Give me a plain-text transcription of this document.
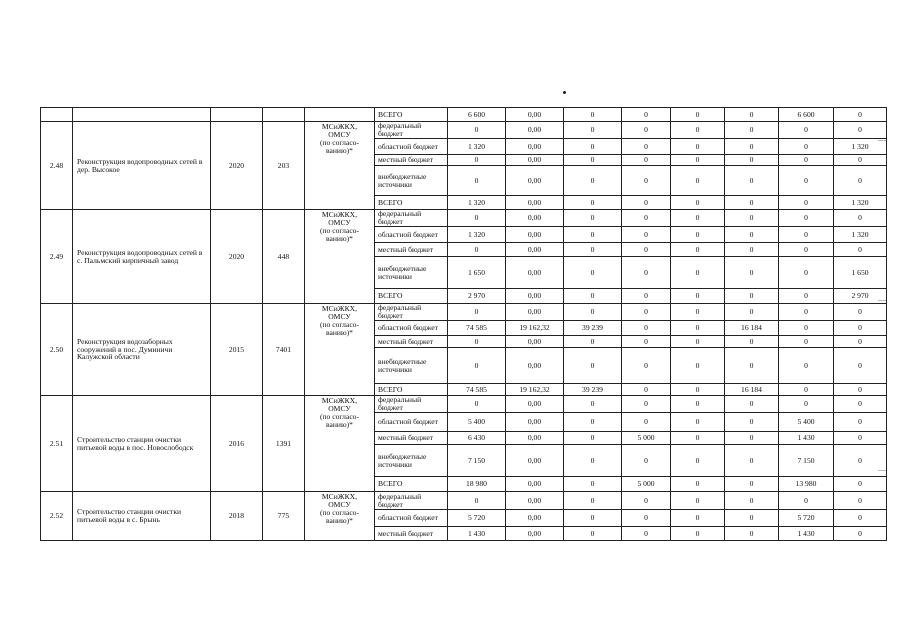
					ВСЕГО	6 600	0,00	0	0	0	0	6 600	0
2.48	Реконструкция водопроводных сетей в дер. Высокое	2020	203	МСиЖКХ,
ОМСУ
(по согласо-
ванию)*	федеральный бюджет	0	0,00	0	0	0	0	0	0
					областной бюджет	1 320	0,00	0	0	0	0	0	1 320
					местный бюджет	0	0,00	0	0	0	0	0	0
					внебюджетные источники	0	0,00	0	0	0	0	0	0
					ВСЕГО	1 320	0,00	0	0	0	0	0	1 320
2.49	Реконструкция водопроводных сетей в с. Пальмский кирпичный завод	2020	448	МСиЖКХ,
ОМСУ
(по согласо-
ванию)*	федеральный бюджет	0	0,00	0	0	0	0	0	0
					областной бюджет	1 320	0,00	0	0	0	0	0	1 320
					местный бюджет	0	0,00	0	0	0	0	0	0
					внебюджетные источники	1 650	0,00	0	0	0	0	0	1 650
					ВСЕГО	2 970	0,00	0	0	0	0	0	2 970
2.50	Реконструкция водозаборных сооружений в пос. Думиничи Калужской области	2015	7401	МСиЖКХ,
ОМСУ
(по согласо-
ванию)*	федеральный бюджет	0	0,00	0	0	0	0	0	0
					областной бюджет	74 585	19 162,32	39 239	0	0	16 184	0	0
					местный бюджет	0	0,00	0	0	0	0	0	0
					внебюджетные источники	0	0,00	0	0	0	0	0	0
					ВСЕГО	74 585	19 162,32	39 239	0	0	16 184	0	0
2.51	Строительство станции очистки питьевой воды в пос. Новослободск	2016	1391	МСиЖКХ,
ОМСУ
(по согласо-
ванию)*	федеральный бюджет	0	0,00	0	0	0	0	0	0
					областной бюджет	5 400	0,00	0	0	0	0	5 400	0
					местный бюджет	6 430	0,00	0	5 000	0	0	1 430	0
					внебюджетные источники	7 150	0,00	0	0	0	0	7 150	0
					ВСЕГО	18 980	0,00	0	5 000	0	0	13 980	0
2.52	Строительство станции очистки питьевой воды в с. Брынь	2018	775	МСиЖКХ,
ОМСУ
(по согласо-
ванию)*	федеральный бюджет	0	0,00	0	0	0	0	0	0
					областной бюджет	5 720	0,00	0	0	0	0	5 720	0
					местный бюджет	1 430	0,00	0	0	0	0	1 430	0
